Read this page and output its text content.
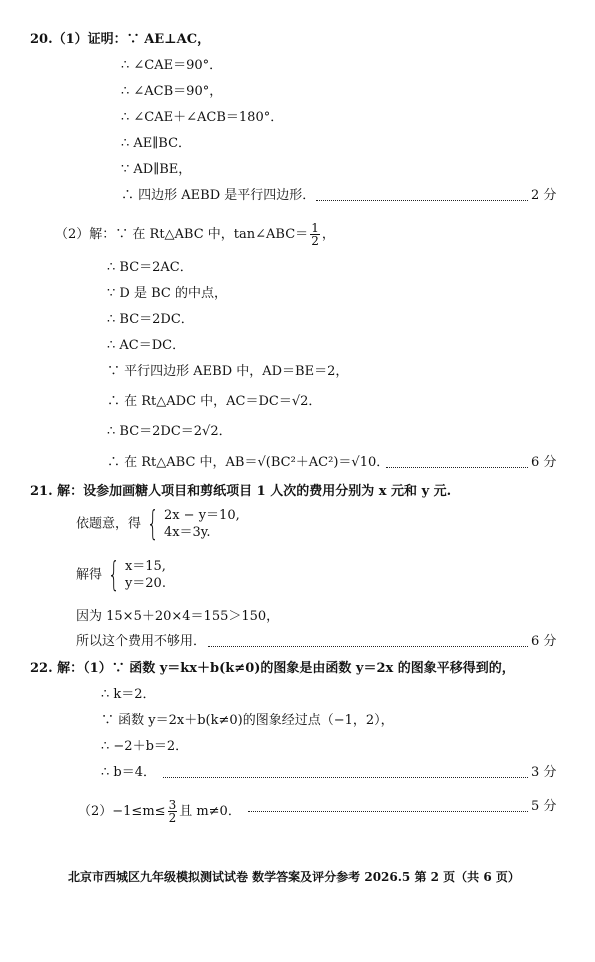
20.（1）证明：∵ AE⊥AC，
∴ ∠CAE＝90°．
∴ ∠ACB＝90°，
∴ ∠CAE＋∠ACB＝180°．
∴ AE∥BC．
∵ AD∥BE，
∴ 四边形 AEBD 是平行四边形．	2 分
（2）解：∵ 在 Rt△ABC 中，tan∠ABC＝ $\frac{1}{2}$ ，
∴ BC＝2AC．
∵ D 是 BC 的中点，
∴ BC＝2DC．
∴ AC＝DC．
∵ 平行四边形 AEBD 中，AD＝BE＝2，
∴ 在 Rt△ADC 中，AC＝DC＝√2．
∴ BC＝2DC＝2√2．
∴ 在 Rt△ABC 中，AB＝√(BC²＋AC²)＝√10．	6 分
21. 解：设参加画糖人项目和剪纸项目 1 人次的费用分别为 x 元和 y 元.
依题意，得 { 2x − y＝10,
4x＝3y.
解得 { x＝15,
y＝20.
因为 15×5＋20×4＝155＞150，
所以这个费用不够用．	6 分
22. 解：（1）∵ 函数 y＝kx＋b(k≠0)的图象是由函数 y＝2x 的图象平移得到的，
∴ k＝2．
∵ 函数 y＝2x＋b(k≠0)的图象经过点（−1，2），
∴ −2＋b＝2．
∴ b＝4．	3 分
$(2)-1\le m\le \frac{3}{2}$ 且 m≠0．	5 分
北京市西城区九年级模拟测试试卷 数学答案及评分参考 2026.5 第 2 页（共 6 页）
